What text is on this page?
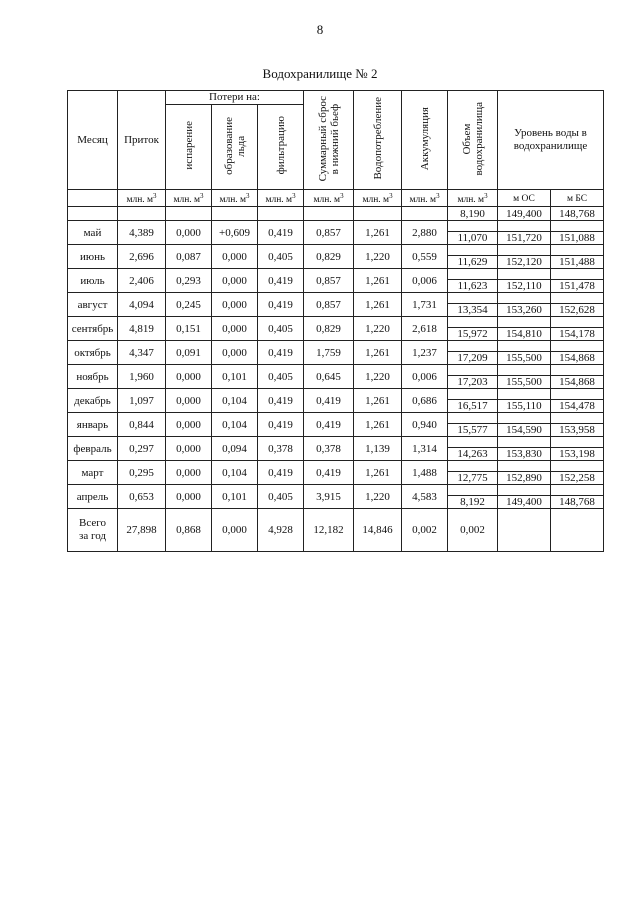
8
Водохранилище № 2
Месяц	Приток	Потери на:			Суммарный сброс
в нижний бьеф	Водопотребление	Аккумуляция	Объем
водохранилища	Уровень воды в водохранилище	
		испарение	образование
льда	фильтрацию						
	млн. $м^3$	млн. $м^3$	млн. $м^3$	млн. $м^3$	млн. $м^3$	млн. $м^3$	млн. $м^3$	млн. $м^3$	м ОС	м БС
								8,190	149,400	148,768
май	4,389	0,000	+0,609	0,419	0,857	1,261	2,880			
								11,070	151,720	151,088
июнь	2,696	0,087	0,000	0,405	0,829	1,220	0,559			
								11,629	152,120	151,488
июль	2,406	0,293	0,000	0,419	0,857	1,261	0,006			
								11,623	152,110	151,478
август	4,094	0,245	0,000	0,419	0,857	1,261	1,731			
								13,354	153,260	152,628
сентябрь	4,819	0,151	0,000	0,405	0,829	1,220	2,618			
								15,972	154,810	154,178
октябрь	4,347	0,091	0,000	0,419	1,759	1,261	1,237			
								17,209	155,500	154,868
ноябрь	1,960	0,000	0,101	0,405	0,645	1,220	0,006			
								17,203	155,500	154,868
декабрь	1,097	0,000	0,104	0,419	0,419	1,261	0,686			
								16,517	155,110	154,478
январь	0,844	0,000	0,104	0,419	0,419	1,261	0,940			
								15,577	154,590	153,958
февраль	0,297	0,000	0,094	0,378	0,378	1,139	1,314			
								14,263	153,830	153,198
март	0,295	0,000	0,104	0,419	0,419	1,261	1,488			
								12,775	152,890	152,258
апрель	0,653	0,000	0,101	0,405	3,915	1,220	4,583			
								8,192	149,400	148,768
Всего
за год	27,898	0,868	0,000	4,928	12,182	14,846	0,002	0,002		
